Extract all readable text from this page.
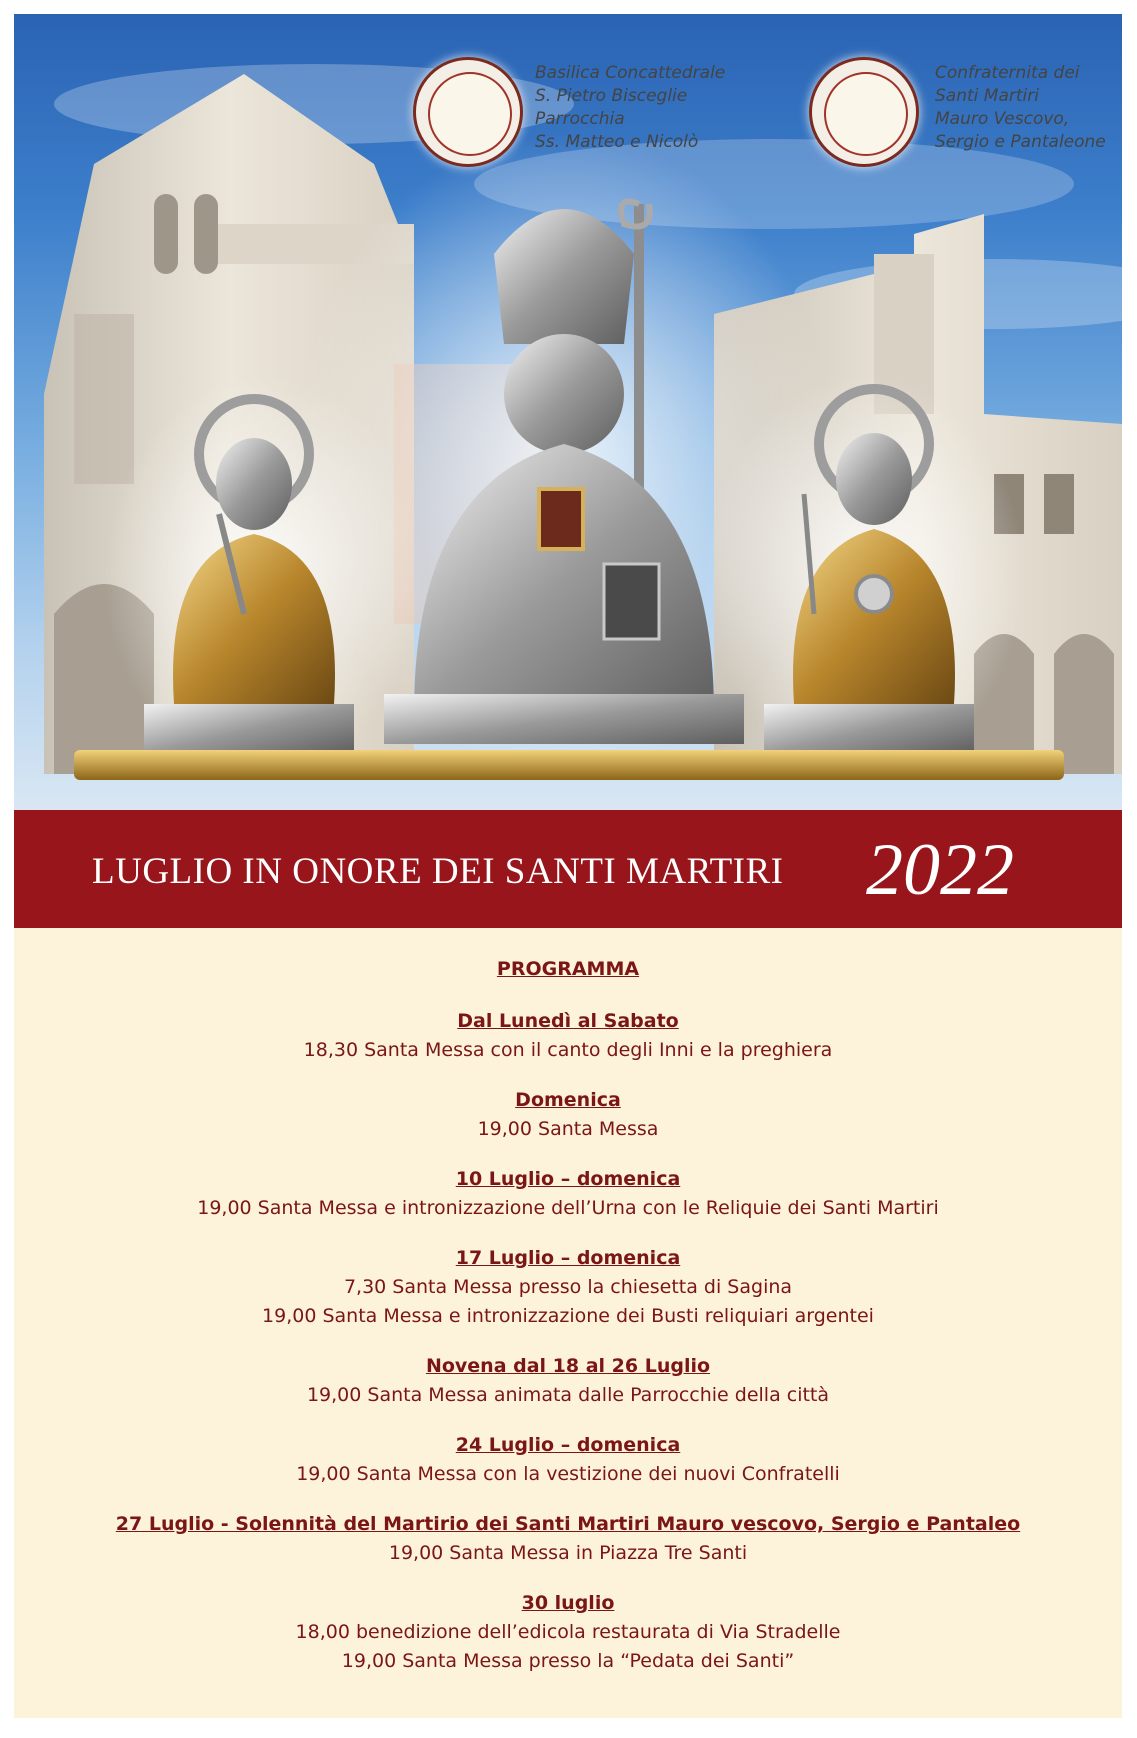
Basilica Concattedrale
S. Pietro Bisceglie
Parrocchia
Ss. Matteo e Nicolò
Confraternita dei
Santi Martiri
Mauro Vescovo,
Sergio e Pantaleone
LUGLIO IN ONORE DEI SANTI MARTIRI 2022
PROGRAMMA
Dal Lunedì al Sabato
18,30 Santa Messa con il canto degli Inni e la preghiera
Domenica
19,00 Santa Messa
10 Luglio – domenica
19,00 Santa Messa e intronizzazione dell’Urna con le Reliquie dei Santi Martiri
17 Luglio – domenica
7,30 Santa Messa presso la chiesetta di Sagina
19,00 Santa Messa e intronizzazione dei Busti reliquiari argentei
Novena dal 18 al 26 Luglio
19,00 Santa Messa animata dalle Parrocchie della città
24 Luglio – domenica
19,00 Santa Messa con la vestizione dei nuovi Confratelli
27 Luglio - Solennità del Martirio dei Santi Martiri Mauro vescovo, Sergio e Pantaleo
19,00 Santa Messa in Piazza Tre Santi
30 luglio
18,00 benedizione dell’edicola restaurata di Via Stradelle
19,00 Santa Messa presso la “Pedata dei Santi”
